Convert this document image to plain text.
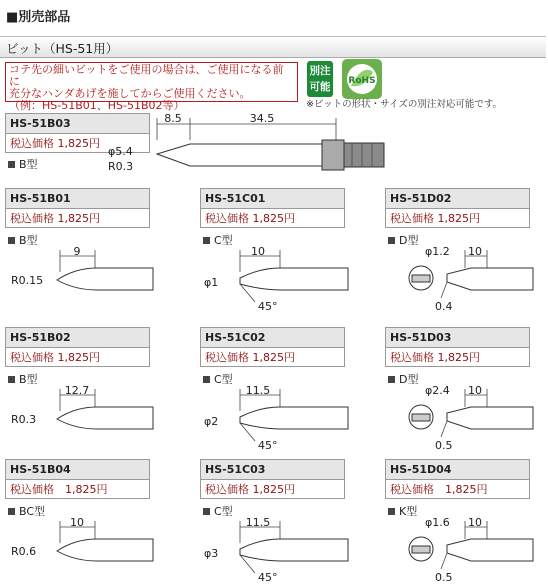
■別売部品
ビット（HS-51用）
コテ先の細いビットをご使用の場合は、ご使用になる前に
充分なハンダあげを施してからご使用ください。
（例：HS-51B01、HS-51B02等）
別注
可能 RoHS
※ビットの形状・サイズの別注対応可能です。
HS-51B03
税込価格 1,825円
B型
8.5	34.5
φ5.4
R0.3
HS-51B01
税込価格 1,825円
B型
9
R0.15
HS-51C01
税込価格 1,825円
C型
10
φ1
45°
HS-51D02
税込価格 1,825円
D型
φ1.2 10
0.4
HS-51B02
税込価格 1,825円
B型
12.7
R0.3
HS-51C02
税込価格 1,825円
C型
11.5
φ2
45°
HS-51D03
税込価格 1,825円
D型
φ2.4 10
0.5
HS-51B04
税込価格　1,825円
BC型
10
R0.6
HS-51C03
税込価格 1,825円
C型
11.5
φ3
45°
HS-51D04
税込価格　1,825円
K型
φ1.6 10
0.5
